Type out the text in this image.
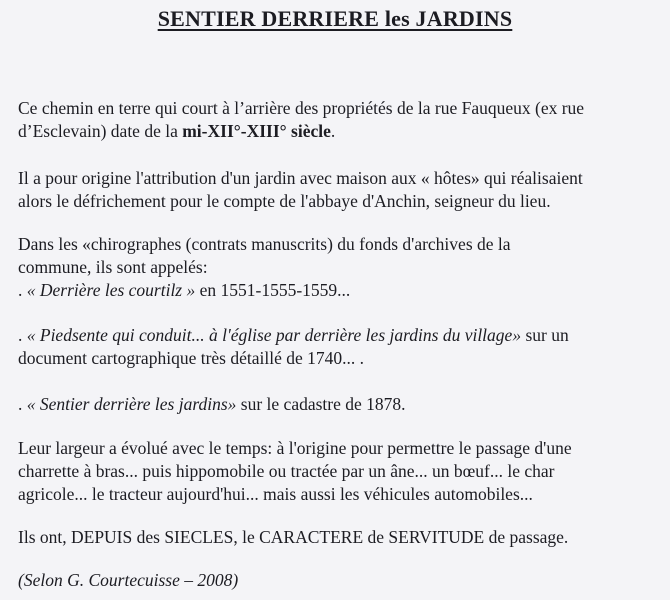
SENTIER DERRIERE les JARDINS
Ce chemin en terre qui court à l’arrière des propriétés de la rue Fauqueux (ex rue
d’Esclevain) date de la mi-XII°-XIII° siècle.
Il a pour origine l'attribution d'un jardin avec maison aux « hôtes» qui réalisaient
alors le défrichement pour le compte de l'abbaye d'Anchin, seigneur du lieu.
Dans les «chirographes (contrats manuscrits) du fonds d'archives de la
commune, ils sont appelés:
. « Derrière les courtilz » en 1551-1555-1559...
. « Piedsente qui conduit... à l'église par derrière les jardins du village» sur un
document cartographique très détaillé de 1740... .
. « Sentier derrière les jardins» sur le cadastre de 1878.
Leur largeur a évolué avec le temps: à l'origine pour permettre le passage d'une
charrette à bras... puis hippomobile ou tractée par un âne... un bœuf... le char
agricole... le tracteur aujourd'hui... mais aussi les véhicules automobiles...
Ils ont, DEPUIS des SIECLES, le CARACTERE de SERVITUDE de passage.
(Selon G. Courtecuisse – 2008)
